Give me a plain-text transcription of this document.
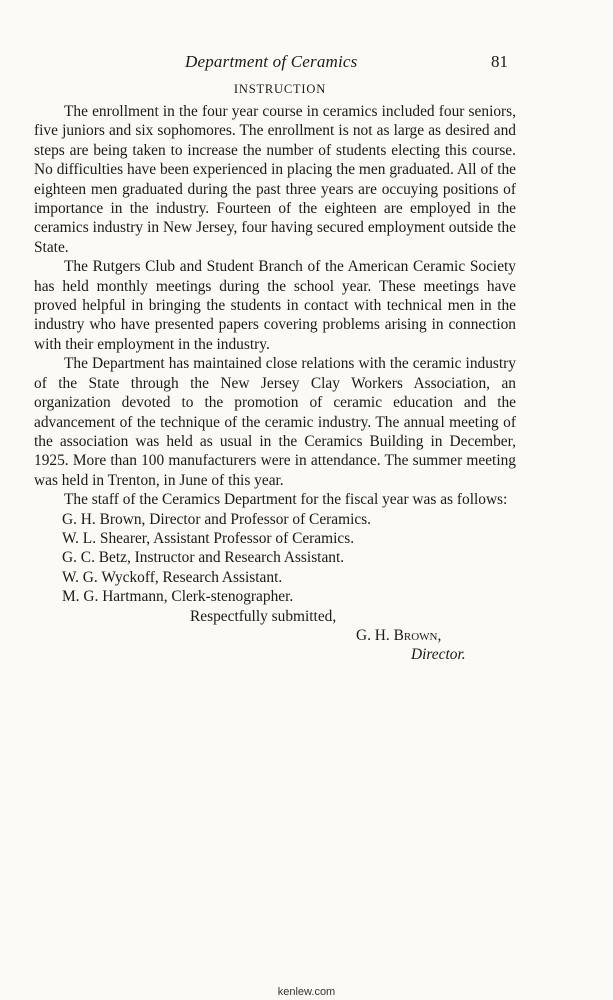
Department of Ceramics	81
INSTRUCTION

The enrollment in the four year course in ceramics included four seniors, five juniors and six sophomores. The enrollment is not as large as desired and steps are being taken to increase the number of students electing this course. No difficulties have been experienced in placing the men graduated. All of the eighteen men graduated during the past three years are occuying positions of importance in the industry. Fourteen of the eighteen are employed in the ceramics industry in New Jersey, four having secured employment outside the State.

The Rutgers Club and Student Branch of the American Ceramic Society has held monthly meetings during the school year. These meetings have proved helpful in bringing the students in contact with technical men in the industry who have presented papers covering problems arising in connection with their employment in the industry.

The Department has maintained close relations with the ceramic industry of the State through the New Jersey Clay Workers Association, an organization devoted to the promotion of ceramic education and the advancement of the technique of the ceramic industry. The annual meeting of the association was held as usual in the Ceramics Building in December, 1925. More than 100 manufacturers were in attendance. The summer meeting was held in Trenton, in June of this year.

The staff of the Ceramics Department for the fiscal year was as follows:

G. H. Brown, Director and Professor of Ceramics.
W. L. Shearer, Assistant Professor of Ceramics.
G. C. Betz, Instructor and Research Assistant.
W. G. Wyckoff, Research Assistant.
M. G. Hartmann, Clerk-stenographer.

Respectfully submitted,

G. H. Brown,

Director.

kenlew.com
